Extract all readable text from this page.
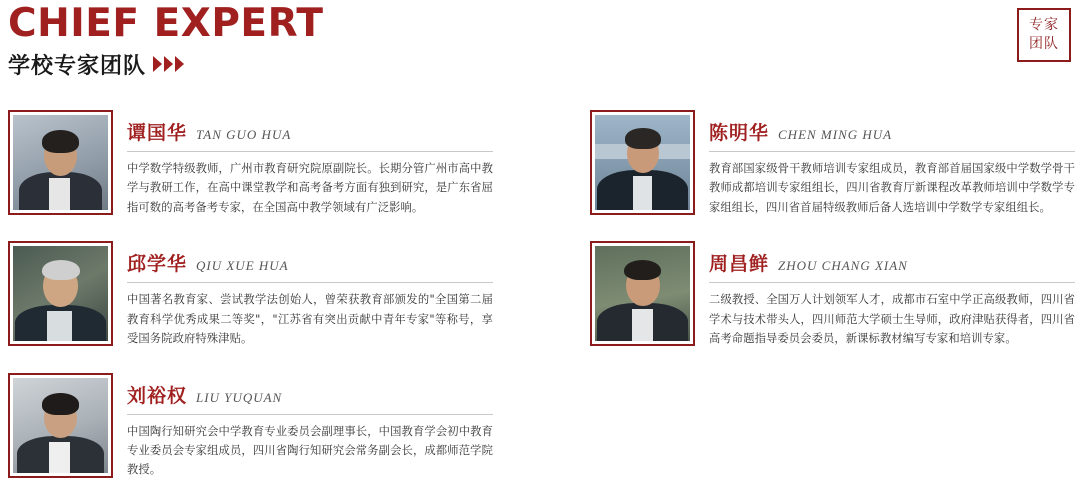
CHIEF EXPERT
学校专家团队
专家
团队
谭国华 TAN GUO HUA
中学数学特级教师，广州市教育研究院原副院长。长期分管广州市高中教学与教研工作，在高中课堂教学和高考备考方面有独到研究，是广东省屈指可数的高考备考专家，在全国高中教学领域有广泛影响。
邱学华 QIU XUE HUA
中国著名教育家、尝试教学法创始人，曾荣获教育部颁发的"全国第二届教育科学优秀成果二等奖"，"江苏省有突出贡献中青年专家"等称号，享受国务院政府特殊津贴。
刘裕权 LIU YUQUAN
中国陶行知研究会中学教育专业委员会副理事长，中国教育学会初中教育专业委员会专家组成员，四川省陶行知研究会常务副会长，成都师范学院教授。
陈明华 CHEN MING HUA
教育部国家级骨干教师培训专家组成员，教育部首届国家级中学数学骨干教师成都培训专家组组长，四川省教育厅新课程改革教师培训中学数学专家组组长，四川省首届特级教师后备人选培训中学数学专家组组长。
周昌鲜 ZHOU CHANG XIAN
二级教授、全国万人计划领军人才，成都市石室中学正高级教师，四川省学术与技术带头人，四川师范大学硕士生导师，政府津贴获得者，四川省高考命题指导委员会委员，新课标教材编写专家和培训专家。
